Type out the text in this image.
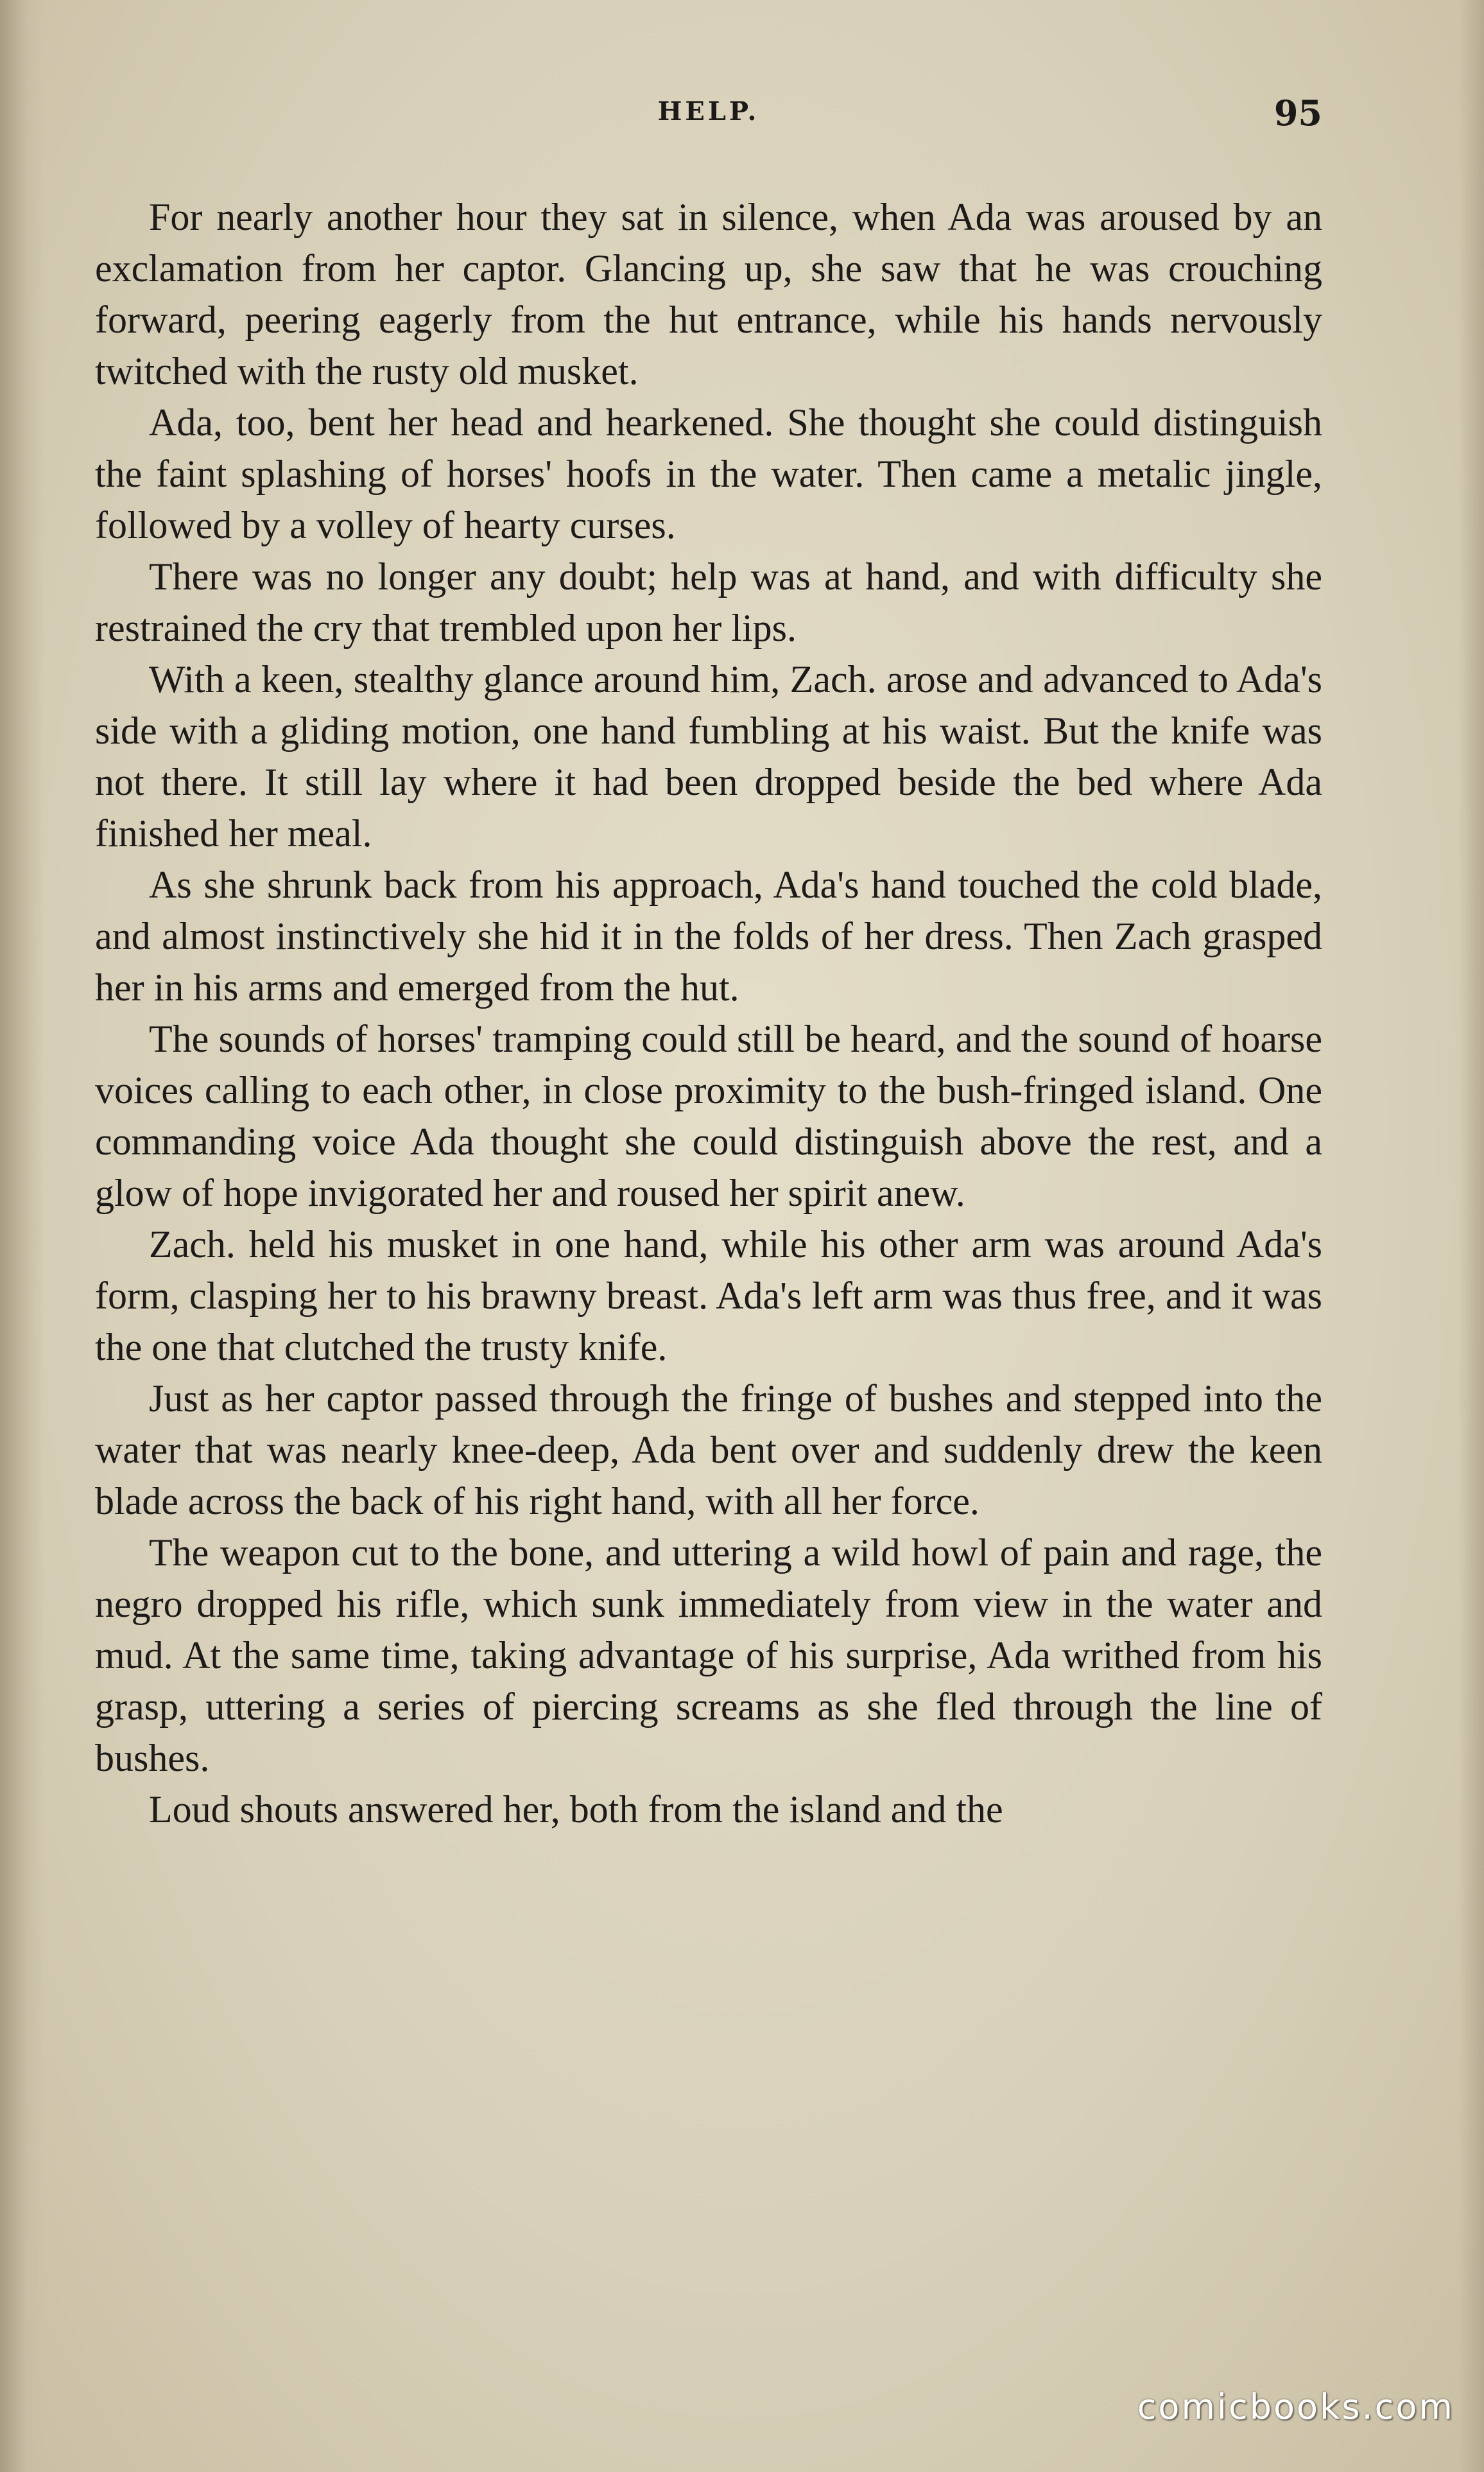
HELP.	95

For nearly another hour they sat in silence, when Ada was aroused by an exclamation from her captor. Glancing up, she saw that he was crouching forward, peering eagerly from the hut entrance, while his hands nervously twitched with the rusty old musket.

Ada, too, bent her head and hearkened. She thought she could distinguish the faint splashing of horses' hoofs in the water. Then came a metalic jingle, followed by a volley of hearty curses.

There was no longer any doubt; help was at hand, and with difficulty she restrained the cry that trembled upon her lips.

With a keen, stealthy glance around him, Zach. arose and advanced to Ada's side with a gliding motion, one hand fumbling at his waist. But the knife was not there. It still lay where it had been dropped beside the bed where Ada finished her meal.

As she shrunk back from his approach, Ada's hand touched the cold blade, and almost instinctively she hid it in the folds of her dress. Then Zach grasped her in his arms and emerged from the hut.

The sounds of horses' tramping could still be heard, and the sound of hoarse voices calling to each other, in close proximity to the bush-fringed island. One commanding voice Ada thought she could distinguish above the rest, and a glow of hope invigorated her and roused her spirit anew.

Zach. held his musket in one hand, while his other arm was around Ada's form, clasping her to his brawny breast. Ada's left arm was thus free, and it was the one that clutched the trusty knife.

Just as her captor passed through the fringe of bushes and stepped into the water that was nearly knee-deep, Ada bent over and suddenly drew the keen blade across the back of his right hand, with all her force.

The weapon cut to the bone, and uttering a wild howl of pain and rage, the negro dropped his rifle, which sunk immediately from view in the water and mud. At the same time, taking advantage of his surprise, Ada writhed from his grasp, uttering a series of piercing screams as she fled through the line of bushes.

Loud shouts answered her, both from the island and the

comicbooks.com
